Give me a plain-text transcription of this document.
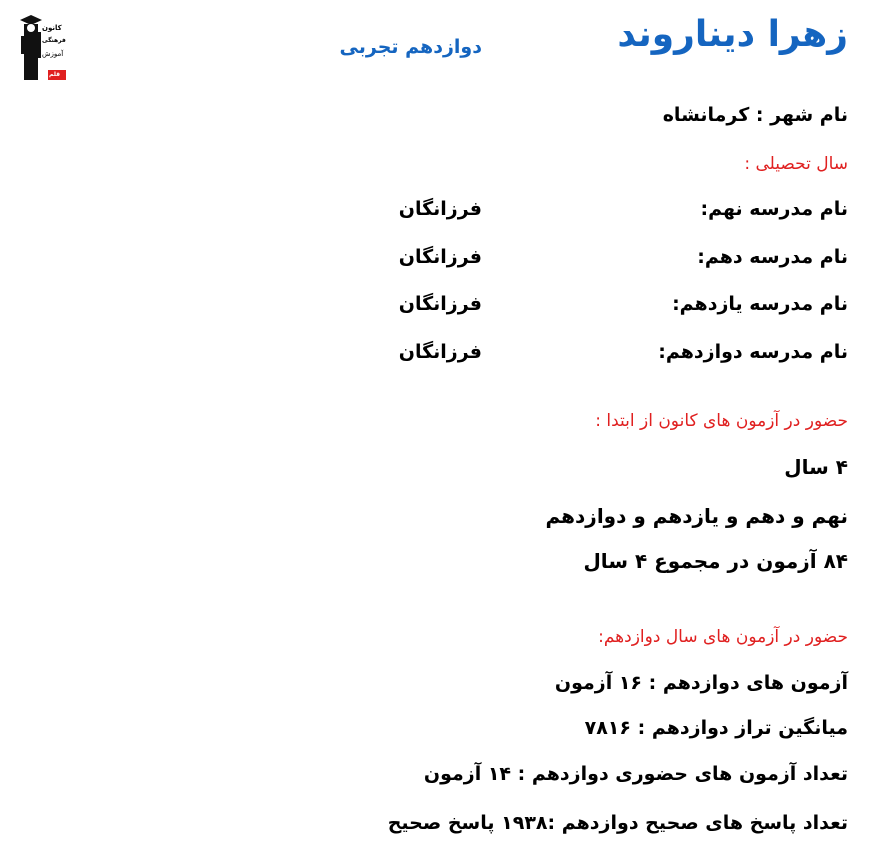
کانون
فرهنگی
آموزش
قلم چی
زهرا دیناروند
دوازدهم تجربی
نام شهر : کرمانشاه
سال تحصیلی :
نام مدرسه نهم:
فرزانگان
نام مدرسه دهم:
فرزانگان
نام مدرسه یازدهم:
فرزانگان
نام مدرسه دوازدهم:
فرزانگان
حضور در آزمون های کانون از ابتدا :
۴ سال
نهم و دهم و یازدهم و دوازدهم
۸۴ آزمون در مجموع ۴ سال
حضور در آزمون های سال دوازدهم:
آزمون های دوازدهم : ۱۶ آزمون
میانگین تراز دوازدهم : ۷۸۱۶
تعداد آزمون های حضوری دوازدهم : ۱۴ آزمون
تعداد پاسخ های صحیح دوازدهم :۱۹۳۸ پاسخ صحیح
